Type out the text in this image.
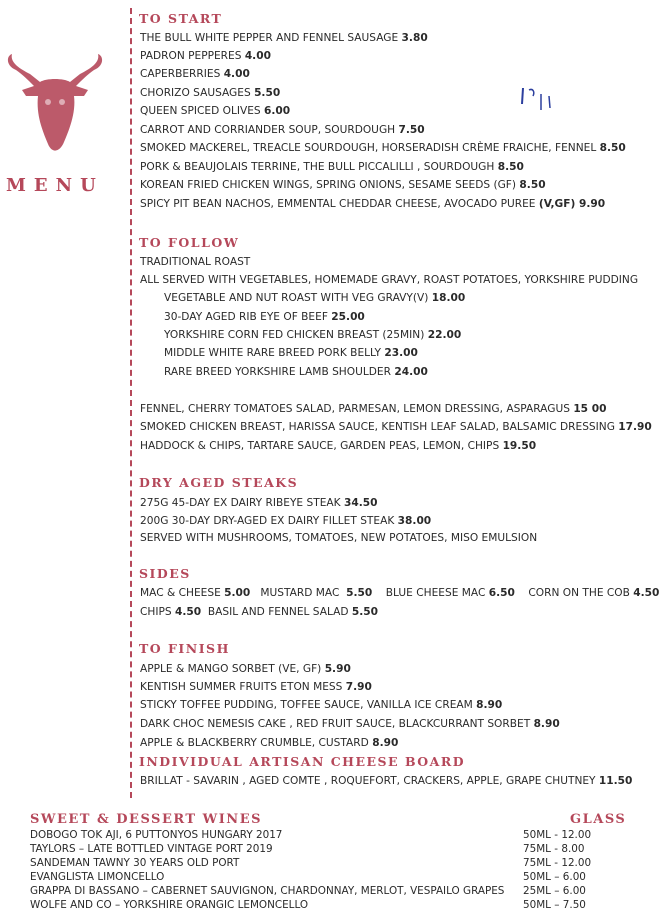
MENU
TO START
THE BULL WHITE PEPPER AND FENNEL SAUSAGE 3.80
PADRON PEPPERES 4.00
CAPERBERRIES 4.00
CHORIZO SAUSAGES 5.50
QUEEN SPICED OLIVES 6.00
CARROT AND CORRIANDER SOUP, SOURDOUGH 7.50
SMOKED MACKEREL, TREACLE SOURDOUGH, HORSERADISH CRÈME FRAICHE, FENNEL 8.50
PORK & BEAUJOLAIS TERRINE, THE BULL PICCALILLI , SOURDOUGH 8.50
KOREAN FRIED CHICKEN WINGS, SPRING ONIONS, SESAME SEEDS (GF) 8.50
SPICY PIT BEAN NACHOS, EMMENTAL CHEDDAR CHEESE, AVOCADO PUREE (V,GF) 9.90
TO FOLLOW
TRADITIONAL ROAST
ALL SERVED WITH VEGETABLES, HOMEMADE GRAVY, ROAST POTATOES, YORKSHIRE PUDDING
VEGETABLE AND NUT ROAST WITH VEG GRAVY(V) 18.00
30-DAY AGED RIB EYE OF BEEF 25.00
YORKSHIRE CORN FED CHICKEN BREAST (25MIN) 22.00
MIDDLE WHITE RARE BREED PORK BELLY 23.00
RARE BREED YORKSHIRE LAMB SHOULDER 24.00
FENNEL, CHERRY TOMATOES SALAD, PARMESAN, LEMON DRESSING, ASPARAGUS 15 00
SMOKED CHICKEN BREAST, HARISSA SAUCE, KENTISH LEAF SALAD, BALSAMIC DRESSING 17.90
HADDOCK & CHIPS, TARTARE SAUCE, GARDEN PEAS, LEMON, CHIPS 19.50
DRY AGED STEAKS
275G 45-DAY EX DAIRY RIBEYE STEAK 34.50
200G 30-DAY DRY-AGED EX DAIRY FILLET STEAK 38.00
SERVED WITH MUSHROOMS, TOMATOES, NEW POTATOES, MISO EMULSION
SIDES
MAC & CHEESE 5.00 MUSTARD MAC 5.50 BLUE CHEESE MAC 6.50 CORN ON THE COB 4.50
CHIPS 4.50 BASIL AND FENNEL SALAD 5.50
TO FINISH
APPLE & MANGO SORBET (VE, GF) 5.90
KENTISH SUMMER FRUITS ETON MESS 7.90
STICKY TOFFEE PUDDING, TOFFEE SAUCE, VANILLA ICE CREAM 8.90
DARK CHOC NEMESIS CAKE , RED FRUIT SAUCE, BLACKCURRANT SORBET 8.90
APPLE & BLACKBERRY CRUMBLE, CUSTARD 8.90
INDIVIDUAL ARTISAN CHEESE BOARD
BRILLAT - SAVARIN , AGED COMTE , ROQUEFORT, CRACKERS, APPLE, GRAPE CHUTNEY 11.50
SWEET & DESSERT WINES	GLASS
DOBOGO TOK AJI, 6 PUTTONYOS HUNGARY 2017	50ML - 12.00
TAYLORS – LATE BOTTLED VINTAGE PORT 2019	75ML - 8.00
SANDEMAN TAWNY 30 YEARS OLD PORT	75ML - 12.00
EVANGLISTA LIMONCELLO	50ML – 6.00
GRAPPA DI BASSANO – CABERNET SAUVIGNON, CHARDONNAY, MERLOT, VESPAILO GRAPES 25ML – 6.00
WOLFE AND CO – YORKSHIRE ORANGIC LEMONCELLO	50ML – 7.50
